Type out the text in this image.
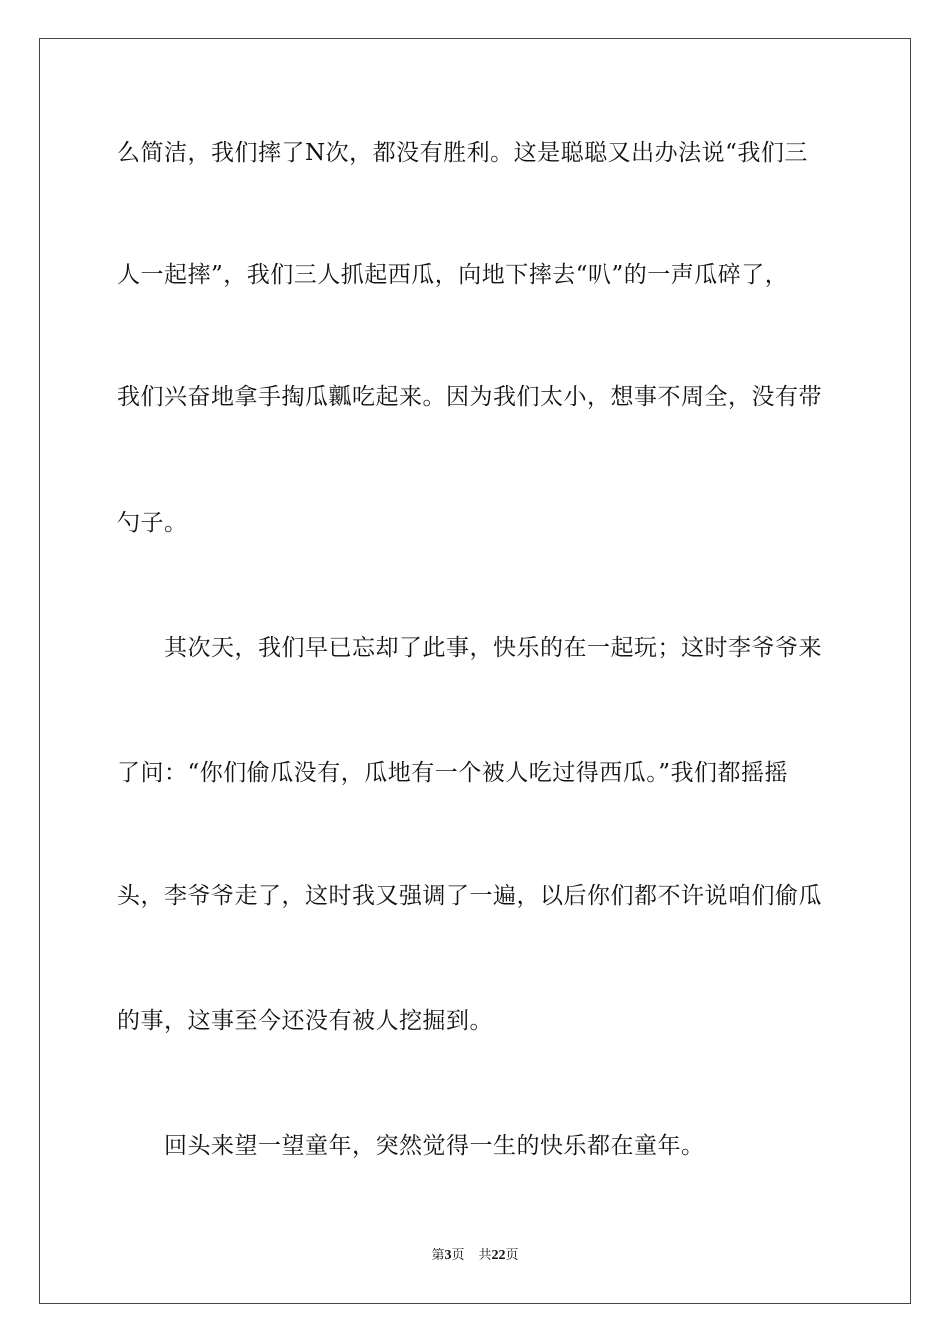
么简洁，我们摔了N次，都没有胜利。这是聪聪又出办法说“我们三
人一起摔”，我们三人抓起西瓜，向地下摔去“叭”的一声瓜碎了，
我们兴奋地拿手掏瓜瓤吃起来。因为我们太小，想事不周全，没有带
勺子。
其次天，我们早已忘却了此事，快乐的在一起玩；这时李爷爷来
了问：“你们偷瓜没有，瓜地有一个被人吃过得西瓜。”我们都摇摇
头，李爷爷走了，这时我又强调了一遍，以后你们都不许说咱们偷瓜
的事，这事至今还没有被人挖掘到。
回头来望一望童年，突然觉得一生的快乐都在童年。
第3页 共22页
